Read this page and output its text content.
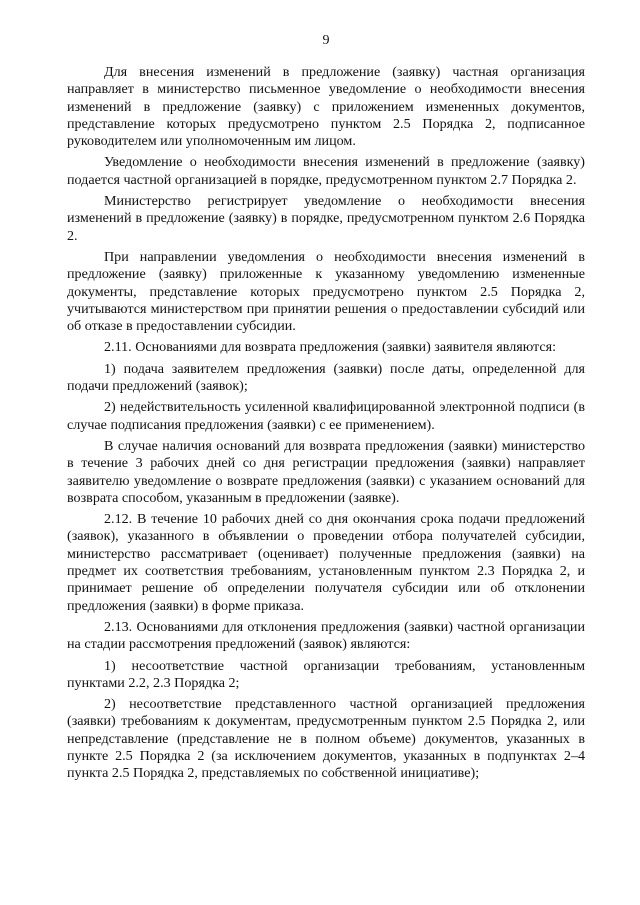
9

Для внесения изменений в предложение (заявку) частная организация направляет в министерство письменное уведомление о необходимости внесения изменений в предложение (заявку) с приложением измененных документов, представление которых предусмотрено пунктом 2.5 Порядка 2, подписанное руководителем или уполномоченным им лицом.

Уведомление о необходимости внесения изменений в предложение (заявку) подается частной организацией в порядке, предусмотренном пунктом 2.7 Порядка 2.

Министерство регистрирует уведомление о необходимости внесения изменений в предложение (заявку) в порядке, предусмотренном пунктом 2.6 Порядка 2.

При направлении уведомления о необходимости внесения изменений в предложение (заявку) приложенные к указанному уведомлению измененные документы, представление которых предусмотрено пунктом 2.5 Порядка 2, учитываются министерством при принятии решения о предоставлении субсидий или об отказе в предоставлении субсидии.

2.11. Основаниями для возврата предложения (заявки) заявителя являются:

1) подача заявителем предложения (заявки) после даты, определенной для подачи предложений (заявок);

2) недействительность усиленной квалифицированной электронной подписи (в случае подписания предложения (заявки) с ее применением).

В случае наличия оснований для возврата предложения (заявки) министерство в течение 3 рабочих дней со дня регистрации предложения (заявки) направляет заявителю уведомление о возврате предложения (заявки) с указанием оснований для возврата способом, указанным в предложении (заявке).

2.12. В течение 10 рабочих дней со дня окончания срока подачи предложений (заявок), указанного в объявлении о проведении отбора получателей субсидии, министерство рассматривает (оценивает) полученные предложения (заявки) на предмет их соответствия требованиям, установленным пунктом 2.3 Порядка 2, и принимает решение об определении получателя субсидии или об отклонении предложения (заявки) в форме приказа.

2.13. Основаниями для отклонения предложения (заявки) частной организации на стадии рассмотрения предложений (заявок) являются:

1) несоответствие частной организации требованиям, установленным пунктами 2.2, 2.3 Порядка 2;

2) несоответствие представленного частной организацией предложения (заявки) требованиям к документам, предусмотренным пунктом 2.5 Порядка 2, или непредставление (представление не в полном объеме) документов, указанных в пункте 2.5 Порядка 2 (за исключением документов, указанных в подпунктах 2–4 пункта 2.5 Порядка 2, представляемых по собственной инициативе);
